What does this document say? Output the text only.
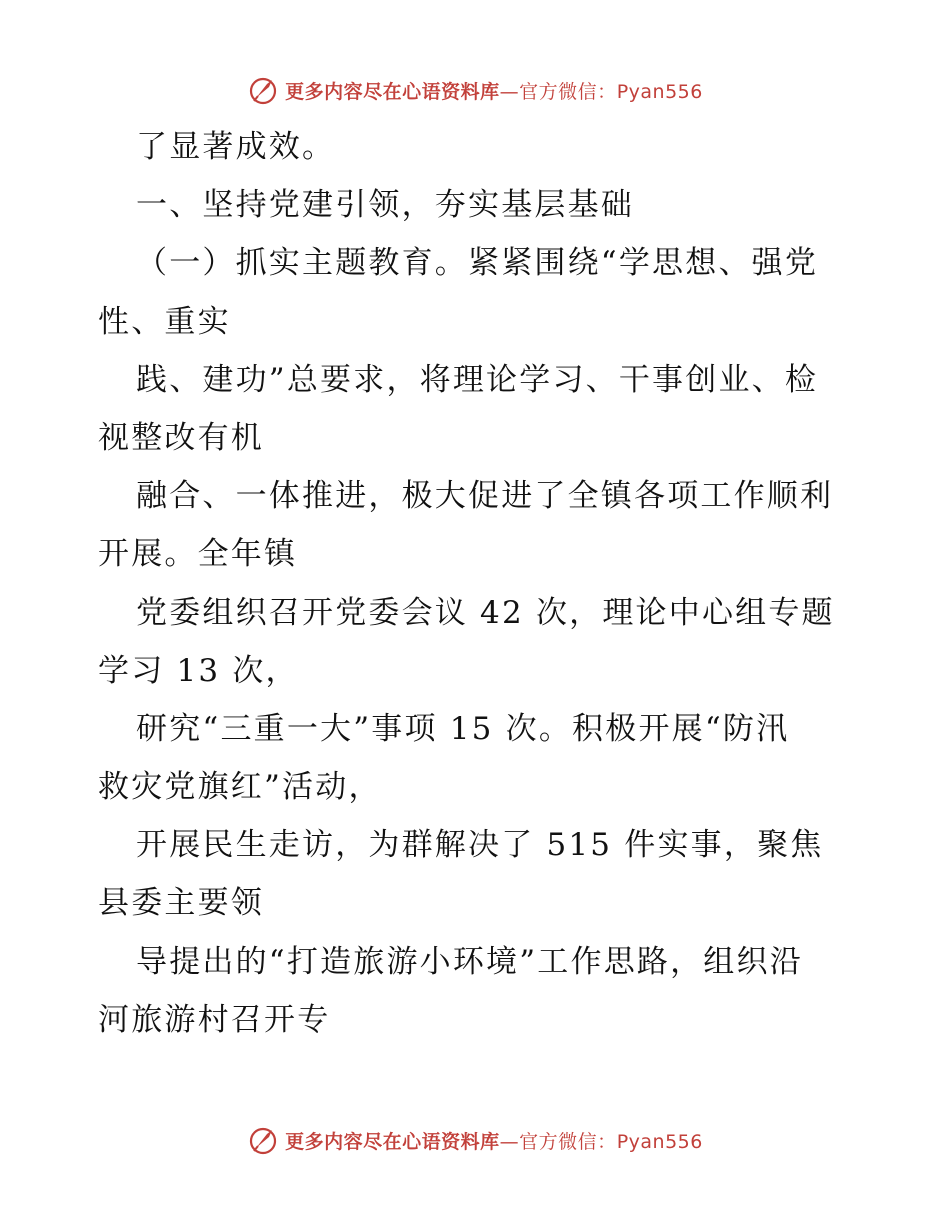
更多内容尽在心语资料库—官方微信：Pyan556
了显著成效。
一、坚持党建引领，夯实基层基础
（一）抓实主题教育。紧紧围绕“学思想、强党
性、重实
践、建功”总要求，将理论学习、干事创业、检
视整改有机
融合、一体推进，极大促进了全镇各项工作顺利
开展。全年镇
党委组织召开党委会议 42 次，理论中心组专题
学习 13 次，
研究“三重一大”事项 15 次。积极开展“防汛
救灾党旗红”活动，
开展民生走访，为群解决了 515 件实事，聚焦
县委主要领
导提出的“打造旅游小环境”工作思路，组织沿
河旅游村召开专
更多内容尽在心语资料库—官方微信：Pyan556
